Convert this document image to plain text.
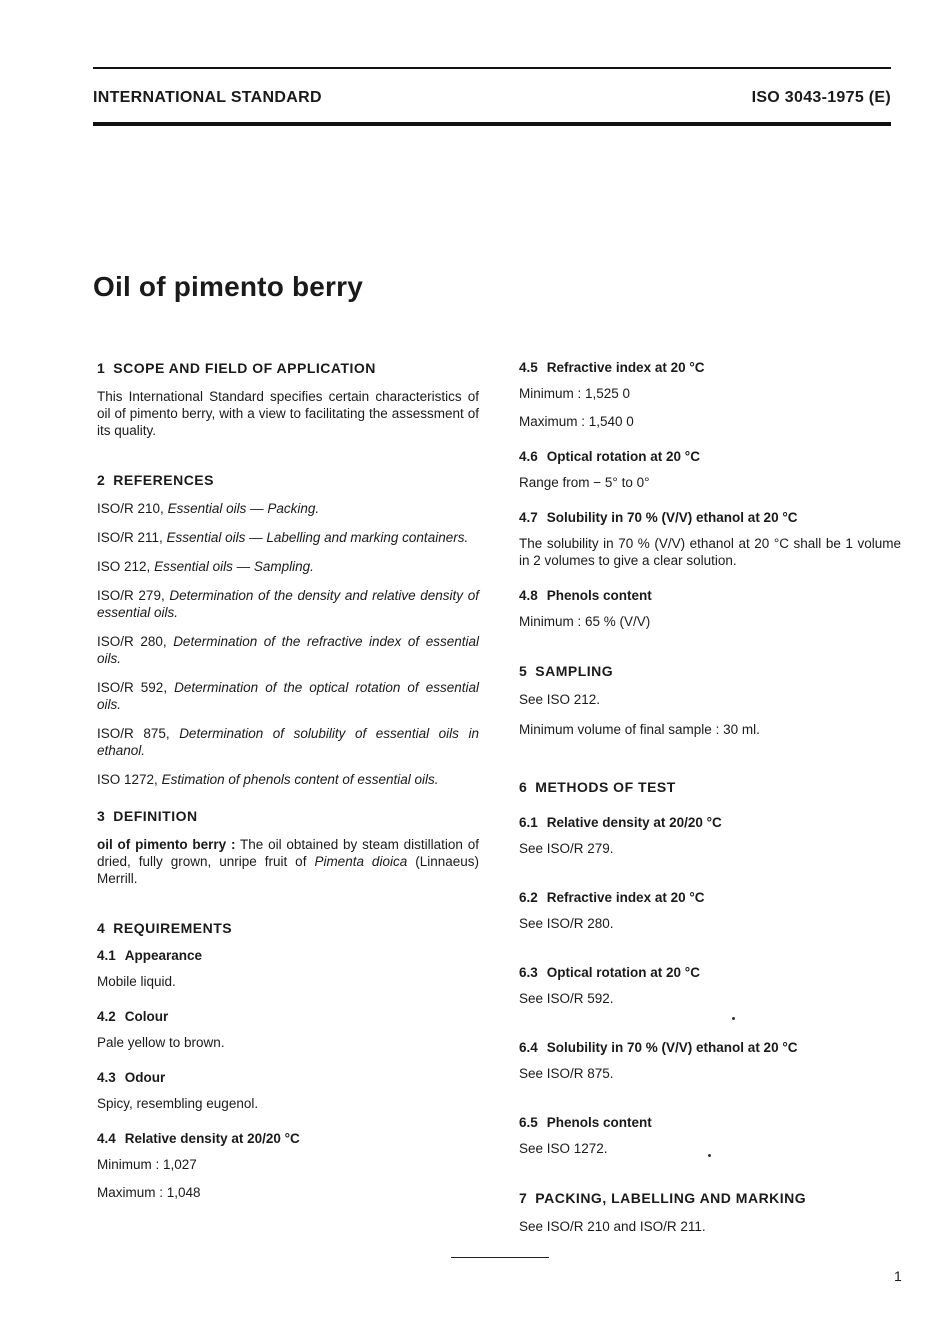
INTERNATIONAL STANDARD	ISO 3043-1975 (E)
Oil of pimento berry
1 SCOPE AND FIELD OF APPLICATION

This International Standard specifies certain characteristics of oil of pimento berry, with a view to facilitating the assessment of its quality.

2 REFERENCES
ISO/R 210, Essential oils — Packing.
ISO/R 211, Essential oils — Labelling and marking containers.
ISO 212, Essential oils — Sampling.
ISO/R 279, Determination of the density and relative density of essential oils.
ISO/R 280, Determination of the refractive index of essential oils.
ISO/R 592, Determination of the optical rotation of essential oils.
ISO/R 875, Determination of solubility of essential oils in ethanol.
ISO 1272, Estimation of phenols content of essential oils.
3 DEFINITION

oil of pimento berry : The oil obtained by steam distillation of dried, fully grown, unripe fruit of Pimenta dioica (Linnaeus) Merrill.

4 REQUIREMENTS
4.1 Appearance

Mobile liquid.

4.2 Colour

Pale yellow to brown.

4.3 Odour

Spicy, resembling eugenol.

4.4 Relative density at 20/20 °C

Minimum : 1,027

Maximum : 1,048

4.5 Refractive index at 20 °C

Minimum : 1,525 0

Maximum : 1,540 0

4.6 Optical rotation at 20 °C

Range from − 5° to 0°

4.7 Solubility in 70 % (V/V) ethanol at 20 °C

The solubility in 70 % (V/V) ethanol at 20 °C shall be 1 volume in 2 volumes to give a clear solution.

4.8 Phenols content

Minimum : 65 % (V/V)

5 SAMPLING

See ISO 212.

Minimum volume of final sample : 30 ml.

6 METHODS OF TEST
6.1 Relative density at 20/20 °C

See ISO/R 279.

6.2 Refractive index at 20 °C

See ISO/R 280.

6.3 Optical rotation at 20 °C

See ISO/R 592.

6.4 Solubility in 70 % (V/V) ethanol at 20 °C

See ISO/R 875.

6.5 Phenols content

See ISO 1272.

7 PACKING, LABELLING AND MARKING

See ISO/R 210 and ISO/R 211.

1
